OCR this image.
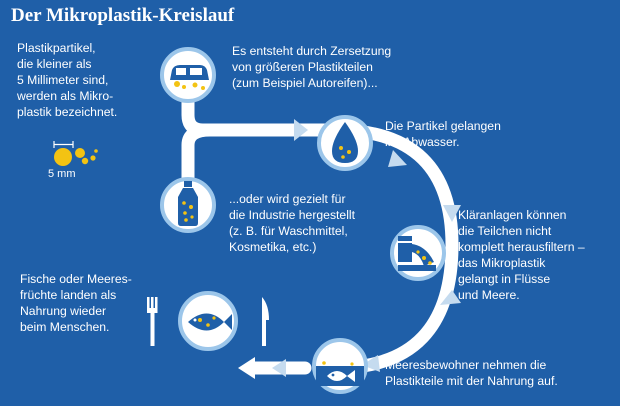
Der Mikroplastik-Kreislauf
Plastikpartikel,
die kleiner als
5 Millimeter sind,
werden als Mikro-
plastik bezeichnet.
5 mm
Es entsteht durch Zersetzung
von größeren Plastikteilen
(zum Beispiel Autoreifen)...
Die Partikel gelangen
ins Abwasser.
...oder wird gezielt für
die Industrie hergestellt
(z. B. für Waschmittel,
Kosmetika, etc.)
Kläranlagen können
die Teilchen nicht
komplett herausfiltern –
das Mikroplastik
gelangt in Flüsse
und Meere.
Meeresbewohner nehmen die
Plastikteile mit der Nahrung auf.
Fische oder Meeres-
früchte landen als
Nahrung wieder
beim Menschen.
